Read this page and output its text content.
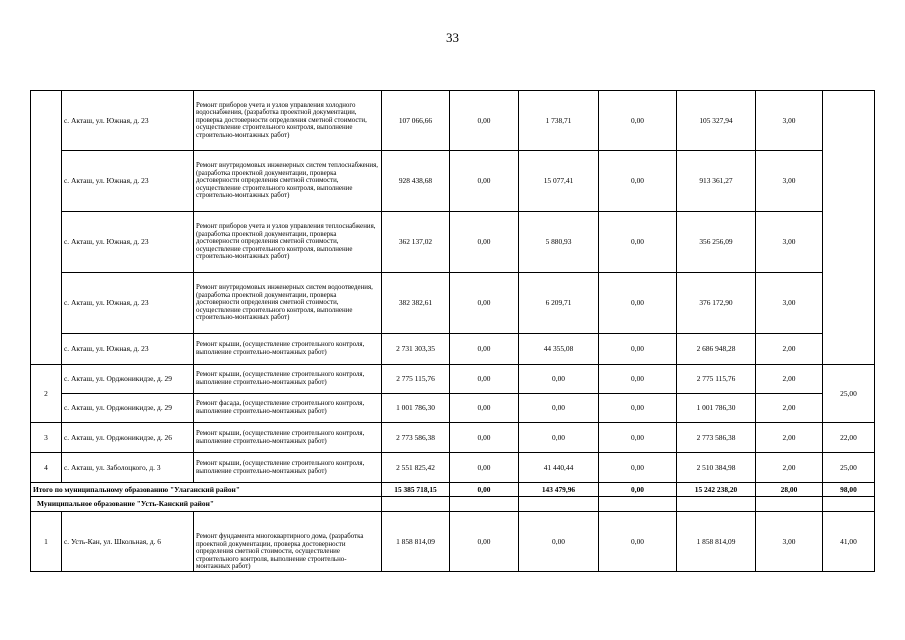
33
	с. Акташ, ул. Южная, д. 23	Ремонт приборов учета и узлов управления холодного водоснабжения, (разработка проектной документации, проверка достоверности определения сметной стоимости, осуществление строительного контроля, выполнение строительно-монтажных работ)	107 066,66	0,00	1 738,71	0,00	105 327,94	3,00	
	с. Акташ, ул. Южная, д. 23	Ремонт внутридомовых инженерных систем теплоснабжения, (разработка проектной документации, проверка достоверности определения сметной стоимости, осуществление строительного контроля, выполнение строительно-монтажных работ)	928 438,68	0,00	15 077,41	0,00	913 361,27	3,00	
	с. Акташ, ул. Южная, д. 23	Ремонт приборов учета и узлов управления теплоснабжения, (разработка проектной документации, проверка достоверности определения сметной стоимости, осуществление строительного контроля, выполнение строительно-монтажных работ)	362 137,02	0,00	5 880,93	0,00	356 256,09	3,00	
	с. Акташ, ул. Южная, д. 23	Ремонт внутридомовых инженерных систем водоотведения, (разработка проектной документации, проверка достоверности определения сметной стоимости, осуществление строительного контроля, выполнение строительно-монтажных работ)	382 382,61	0,00	6 209,71	0,00	376 172,90	3,00	
	с. Акташ, ул. Южная, д. 23	Ремонт крыши, (осуществление строительного контроля, выполнение строительно-монтажных работ)	2 731 303,35	0,00	44 355,08	0,00	2 686 948,28	2,00	
2	с. Акташ, ул. Орджоникидзе, д. 29	Ремонт крыши, (осуществление строительного контроля, выполнение строительно-монтажных работ)	2 775 115,76	0,00	0,00	0,00	2 775 115,76	2,00	25,00
	с. Акташ, ул. Орджоникидзе, д. 29	Ремонт фасада, (осуществление строительного контроля, выполнение строительно-монтажных работ)	1 001 786,30	0,00	0,00	0,00	1 001 786,30	2,00	
3	с. Акташ, ул. Орджоникидзе, д. 26	Ремонт крыши, (осуществление строительного контроля, выполнение строительно-монтажных работ)	2 773 586,38	0,00	0,00	0,00	2 773 586,38	2,00	22,00
4	с. Акташ, ул. Заболоцкого, д. 3	Ремонт крыши, (осуществление строительного контроля, выполнение строительно-монтажных работ)	2 551 825,42	0,00	41 440,44	0,00	2 510 384,98	2,00	25,00
Итого по муниципальному образованию "Улаганский район"			15 385 718,15	0,00	143 479,96	0,00	15 242 238,20	28,00	98,00
Муниципальное образование "Усть-Канский район"									
1	с. Усть-Кан, ул. Школьная, д. 6	Ремонт фундамента многоквартирного дома, (разработка проектной документации, проверка достоверности определения сметной стоимости, осуществление строительного контроля, выполнение строительно-монтажных работ)	1 858 814,09	0,00	0,00	0,00	1 858 814,09	3,00	41,00
